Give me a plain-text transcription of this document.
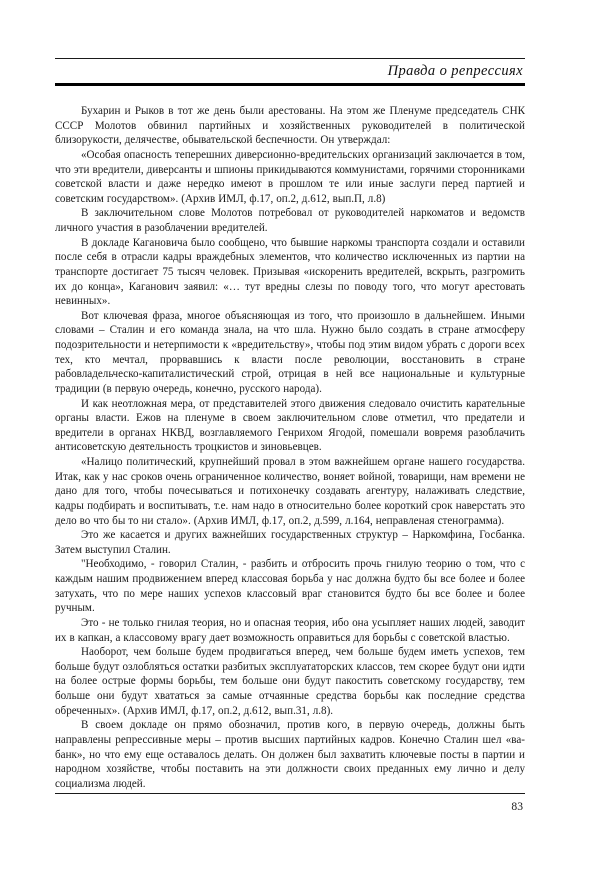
Правда о репрессиях

Бухарин и Рыков в тот же день были арестованы. На этом же Пленуме председатель СНК СССР Молотов обвинил партийных и хозяйственных руководителей в политической близорукости, делячестве, обывательской беспечности. Он утверждал:

«Особая опасность теперешних диверсионно-вредительских организаций заключается в том, что эти вредители, диверсанты и шпионы прикидываются коммунистами, горячими сторонниками советской власти и даже нередко имеют в прошлом те или иные заслуги перед партией и советским государством». (Архив ИМЛ, ф.17, оп.2, д.612, вып.П, л.8)

В заключительном слове Молотов потребовал от руководителей наркоматов и ведомств личного участия в разоблачении вредителей.

В докладе Кагановича было сообщено, что бывшие наркомы транспорта создали и оставили после себя в отрасли кадры враждебных элементов, что количество исключенных из партии на транспорте достигает 75 тысяч человек. Призывая «искоренить вредителей, вскрыть, разгромить их до конца», Каганович заявил: «… тут вредны слезы по поводу того, что могут арестовать невинных».

Вот ключевая фраза, многое объясняющая из того, что произошло в дальнейшем. Иными словами – Сталин и его команда знала, на что шла. Нужно было создать в стране атмосферу подозрительности и нетерпимости к «вредительству», чтобы под этим видом убрать с дороги всех тех, кто мечтал, прорвавшись к власти после революции, восстановить в стране рабовладельческо-капиталистический строй, отрицая в ней все национальные и культурные традиции (в первую очередь, конечно, русского народа).

И как неотложная мера, от представителей этого движения следовало очистить карательные органы власти. Ежов на пленуме в своем заключительном слове отметил, что предатели и вредители в органах НКВД, возглавляемого Генрихом Ягодой, помешали вовремя разоблачить антисоветскую деятельность троцкистов и зиновьевцев.

«Налицо политический, крупнейший провал в этом важнейшем органе нашего государства. Итак, как у нас сроков очень ограниченное количество, воняет войной, товарищи, нам времени не дано для того, чтобы почесываться и потихонечку создавать агентуру, налаживать следствие, кадры подбирать и воспитывать, т.е. нам надо в относительно более короткий срок наверстать это дело во что бы то ни стало». (Архив ИМЛ, ф.17, оп.2, д.599, л.164, неправленая стенограмма).

Это же касается и других важнейших государственных структур – Наркомфина, Госбанка. Затем выступил Сталин.

"Необходимо, - говорил Сталин, - разбить и отбросить прочь гнилую теорию о том, что с каждым нашим продвижением вперед классовая борьба у нас должна будто бы все более и более затухать, что по мере наших успехов классовый враг становится будто бы все более и более ручным.

Это - не только гнилая теория, но и опасная теория, ибо она усыпляет наших людей, заводит их в капкан, а классовому врагу дает возможность оправиться для борьбы с советской властью.

Наоборот, чем больше будем продвигаться вперед, чем больше будем иметь успехов, тем больше будут озлобляться остатки разбитых эксплуататорских классов, тем скорее будут они идти на более острые формы борьбы, тем больше они будут пакостить советскому государству, тем больше они будут хвататься за самые отчаянные средства борьбы как последние средства обреченных». (Архив ИМЛ, ф.17, оп.2, д.612, вып.31, л.8).

В своем докладе он прямо обозначил, против кого, в первую очередь, должны быть направлены репрессивные меры – против высших партийных кадров. Конечно Сталин шел «ва-банк», но что ему еще оставалось делать. Он должен был захватить ключевые посты в партии и народном хозяйстве, чтобы поставить на эти должности своих преданных ему лично и делу социализма людей.

83
